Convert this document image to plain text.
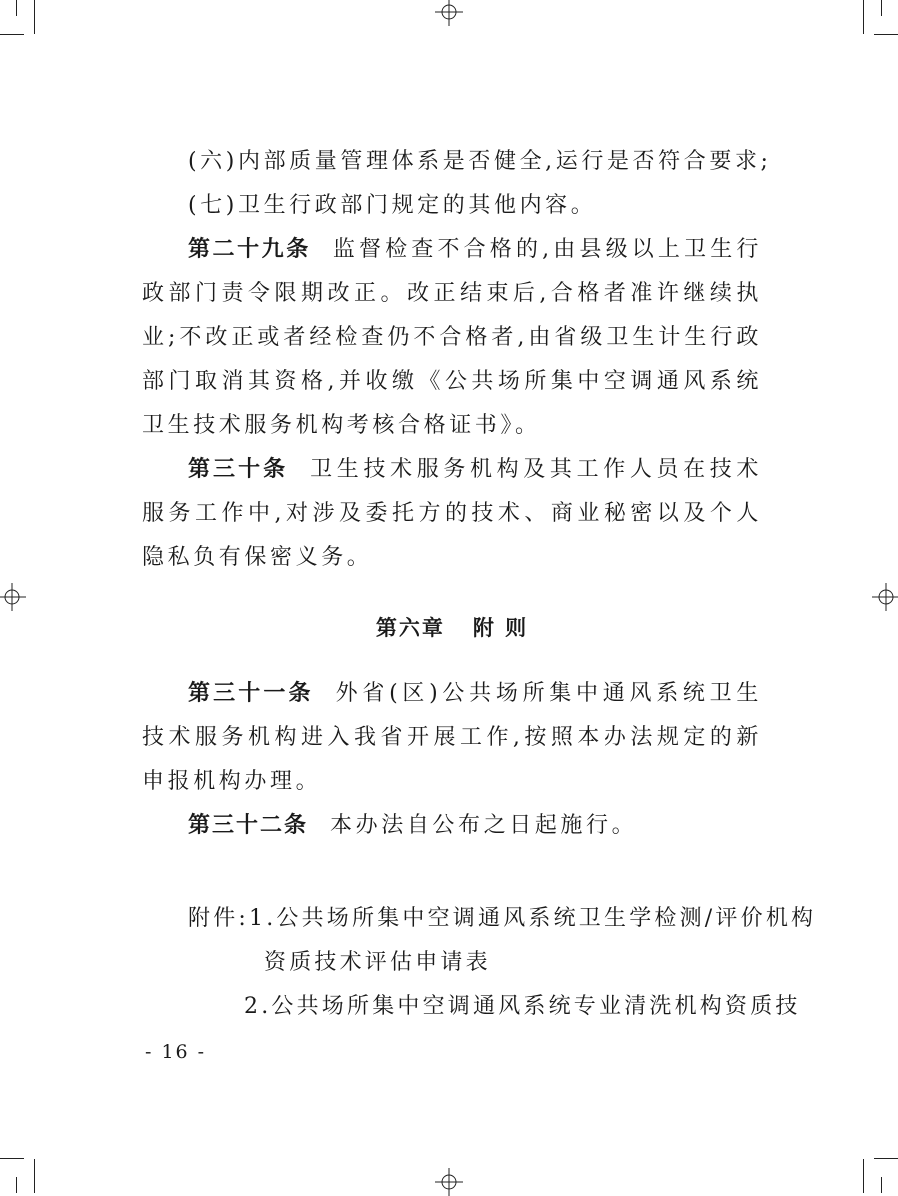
(六)内部质量管理体系是否健全,运行是否符合要求;

(七)卫生行政部门规定的其他内容。

第二十九条 监督检查不合格的,由县级以上卫生行政部门责令限期改正。改正结束后,合格者准许继续执业;不改正或者经检查仍不合格者,由省级卫生计生行政部门取消其资格,并收缴《公共场所集中空调通风系统卫生技术服务机构考核合格证书》。

第三十条 卫生技术服务机构及其工作人员在技术服务工作中,对涉及委托方的技术、商业秘密以及个人隐私负有保密义务。

第六章 附 则

第三十一条 外省(区)公共场所集中通风系统卫生技术服务机构进入我省开展工作,按照本办法规定的新申报机构办理。

第三十二条 本办法自公布之日起施行。

附件:1.公共场所集中空调通风系统卫生学检测/评价机构
资质技术评估申请表
2.公共场所集中空调通风系统专业清洗机构资质技
- 16 -
